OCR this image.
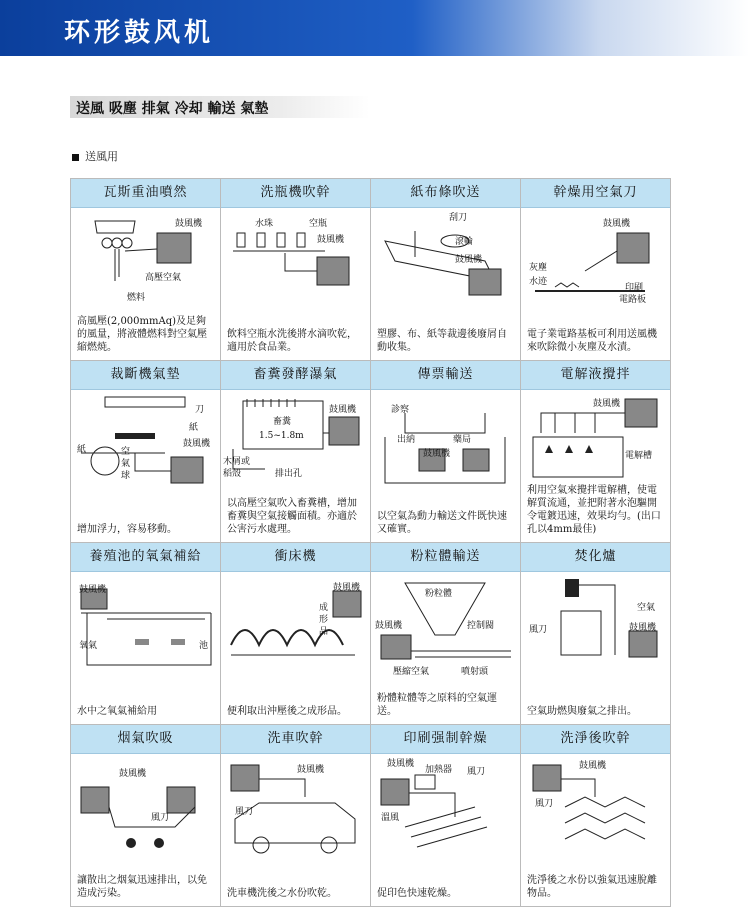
环形鼓风机
送風 吸塵 排氣 冷却 輸送 氣墊
送風用
瓦斯重油噴然
鼓風機
高壓空氣
燃料
高風壓(2,000mmAq)及足夠的風量，將液體燃料對空氣壓縮燃焼。
洗瓶機吹幹
水珠	空瓶
鼓風機
飲料空瓶水洗後將水滴吹乾，適用於食品業。
紙布條吹送
刮刀
滾輪
鼓風機
塑膠、布、紙等裁邊後廢屑自動收集。
幹燥用空氣刀
鼓風機
灰塵
水迹
印刷
電路板
電子業電路基板可利用送風機來吹除微小灰塵及水漬。
裁斷機氣墊
刀
紙
鼓風機
紙	空
氣
球
增加浮力，容易移動。
畜糞發酵瀑氣
鼓風機
畜糞
1.5~1.8m
木屑或
稻殼	排出孔
以高壓空氣吹入畜糞槽，增加畜糞與空氣接觸面積。亦適於公害污水處理。
傳票輸送
診察
出納	藥局
鼓風機
以空氣為動力輸送文件既快速又確實。
電解液攪拌
鼓風機
電解槽
利用空氣來攪拌電解槽，使電解質流通，並把附著水泡驅開令電鍍迅速，效果均勻。(出口孔以4mm最佳)
養殖池的氧氣補給
鼓風機
氧氣	池
水中之氧氣補給用
衝床機
鼓風機
成
形
品
便利取出沖壓後之成形品。
粉粒體輸送
粉粒體
鼓風機	控制閥
壓縮空氣	噴射頭
粉體粒體等之原料的空氣運送。
焚化爐
風刀
空氣
鼓風機
空氣助燃與廢氣之排出。
烟氣吹吸
鼓風機
風刀
讓散出之烟氣迅速排出，以免造成污染。
洗車吹幹
鼓風機
風刀
洗車機洗後之水份吹乾。
印刷强制幹燥
鼓風機
加熱器
溫風
風刀
促印色快速乾燥。
洗淨後吹幹
鼓風機
風刀
洗淨後之水份以強氣迅速脫離物品。
